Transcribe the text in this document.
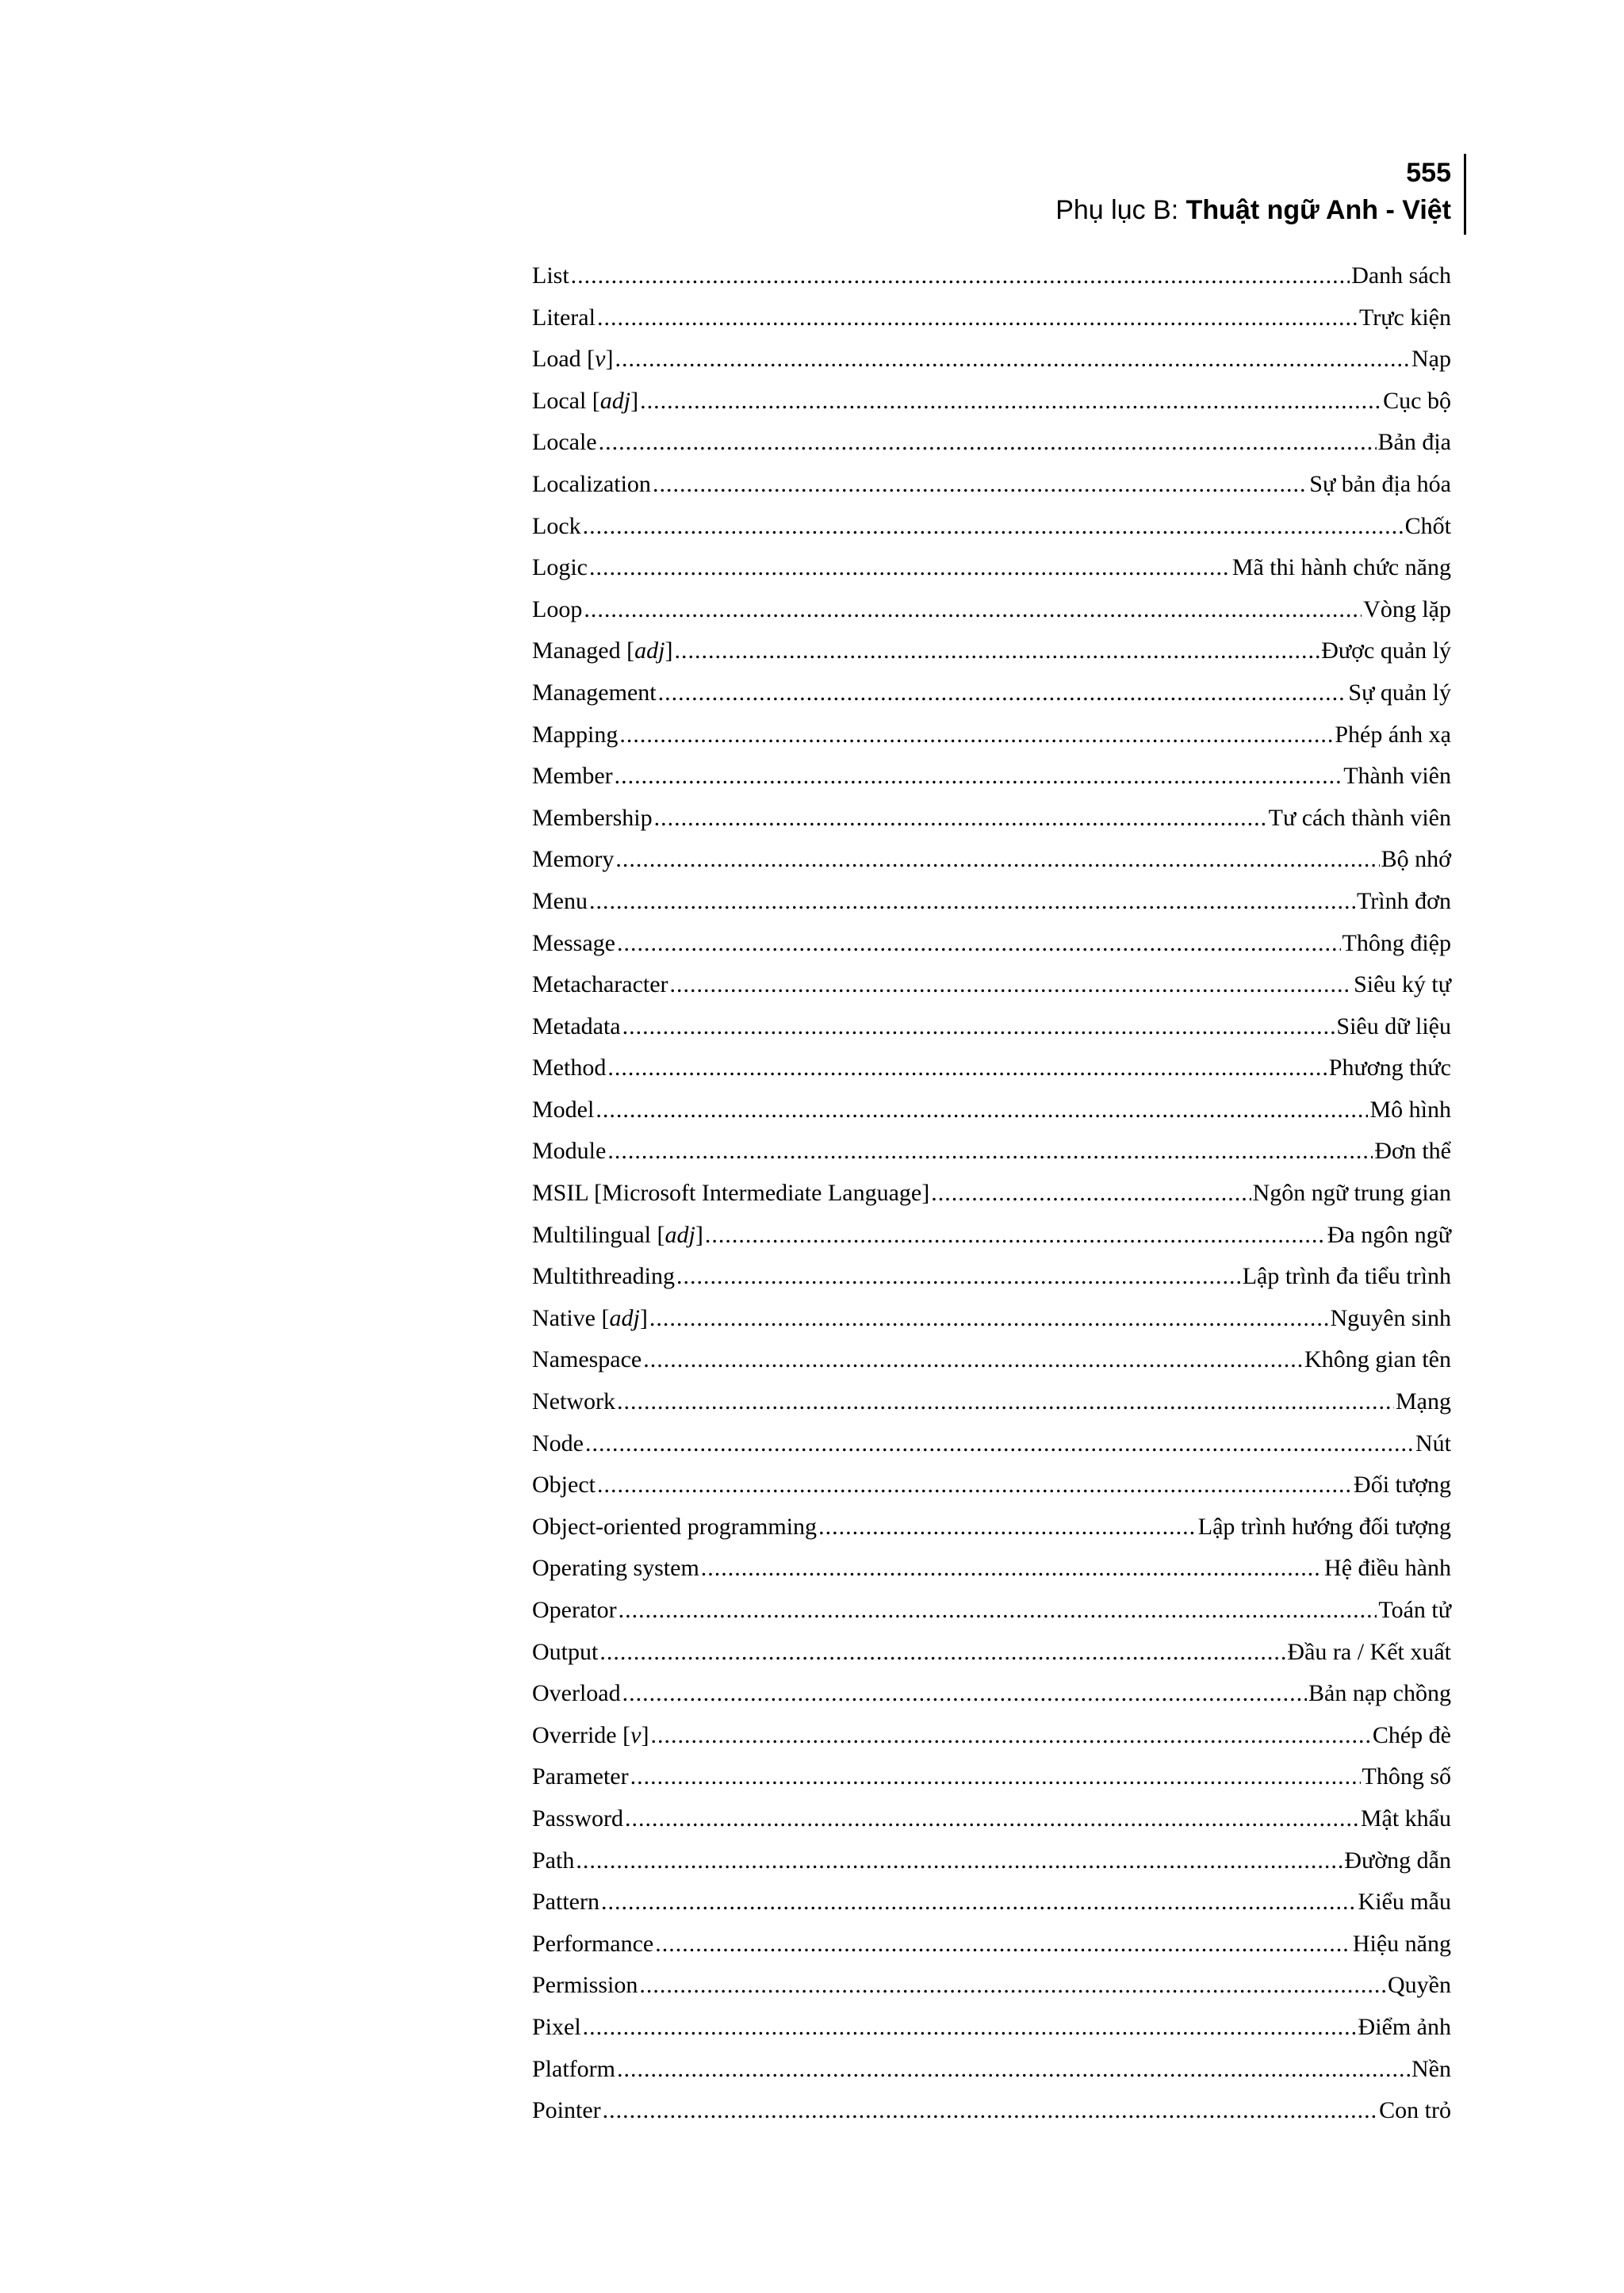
555
Phụ lục B: Thuật ngữ Anh - Việt
List .....	Danh sách
Literal .....	Trực kiện
Load [v] .....	Nạp
Local [adj] .....	Cục bộ
Locale .....	Bản địa
Localization .....	Sự bản địa hóa
Lock .....	Chốt
Logic .....	Mã thi hành chức năng
Loop .....	Vòng lặp
Managed [adj] .....	Được quản lý
Management .....	Sự quản lý
Mapping .....	Phép ánh xạ
Member .....	Thành viên
Membership .....	Tư cách thành viên
Memory .....	Bộ nhớ
Menu .....	Trình đơn
Message .....	Thông điệp
Metacharacter .....	Siêu ký tự
Metadata .....	Siêu dữ liệu
Method .....	Phương thức
Model .....	Mô hình
Module .....	Đơn thể
MSIL [Microsoft Intermediate Language] .....	Ngôn ngữ trung gian
Multilingual [adj] .....	Đa ngôn ngữ
Multithreading .....	Lập trình đa tiểu trình
Native [adj] .....	Nguyên sinh
Namespace .....	Không gian tên
Network .....	Mạng
Node .....	Nút
Object .....	Đối tượng
Object-oriented programming .....	Lập trình hướng đối tượng
Operating system .....	Hệ điều hành
Operator .....	Toán tử
Output .....	Đầu ra / Kết xuất
Overload .....	Bản nạp chồng
Override [v] .....	Chép đè
Parameter .....	Thông số
Password .....	Mật khẩu
Path .....	Đường dẫn
Pattern .....	Kiểu mẫu
Performance .....	Hiệu năng
Permission .....	Quyền
Pixel .....	Điểm ảnh
Platform .....	Nền
Pointer .....	Con trỏ
